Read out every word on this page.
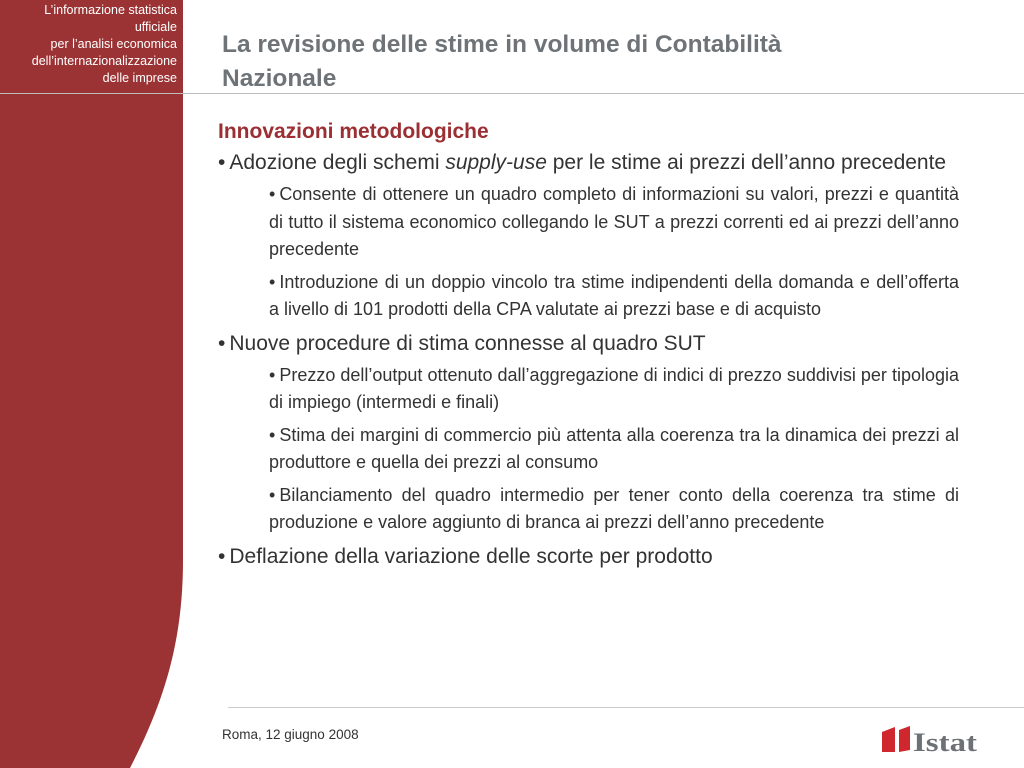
L’informazione statistica
ufficiale
per l’analisi economica
dell’internazionalizzazione
delle imprese
La revisione delle stime in volume di Contabilità
Nazionale
Innovazioni metodologiche

• Adozione degli schemi supply-use per le stime ai prezzi dell’anno precedente

• Consente di ottenere un quadro completo di informazioni su valori, prezzi e quantità di tutto il sistema economico collegando le SUT a prezzi correnti ed ai prezzi dell’anno precedente

• Introduzione di un doppio vincolo tra stime indipendenti della domanda e dell’offerta a livello di 101 prodotti della CPA valutate ai prezzi base e di acquisto

• Nuove procedure di stima connesse al quadro SUT

• Prezzo dell’output ottenuto dall’aggregazione di indici di prezzo suddivisi per tipologia di impiego (intermedi e finali)

• Stima dei margini di commercio più attenta alla coerenza tra la dinamica dei prezzi al produttore e quella dei prezzi al consumo

• Bilanciamento del quadro intermedio per tener conto della coerenza tra stime di produzione e valore aggiunto di branca ai prezzi dell’anno precedente

• Deflazione della variazione delle scorte per prodotto

Roma, 12 giugno 2008	Istat
